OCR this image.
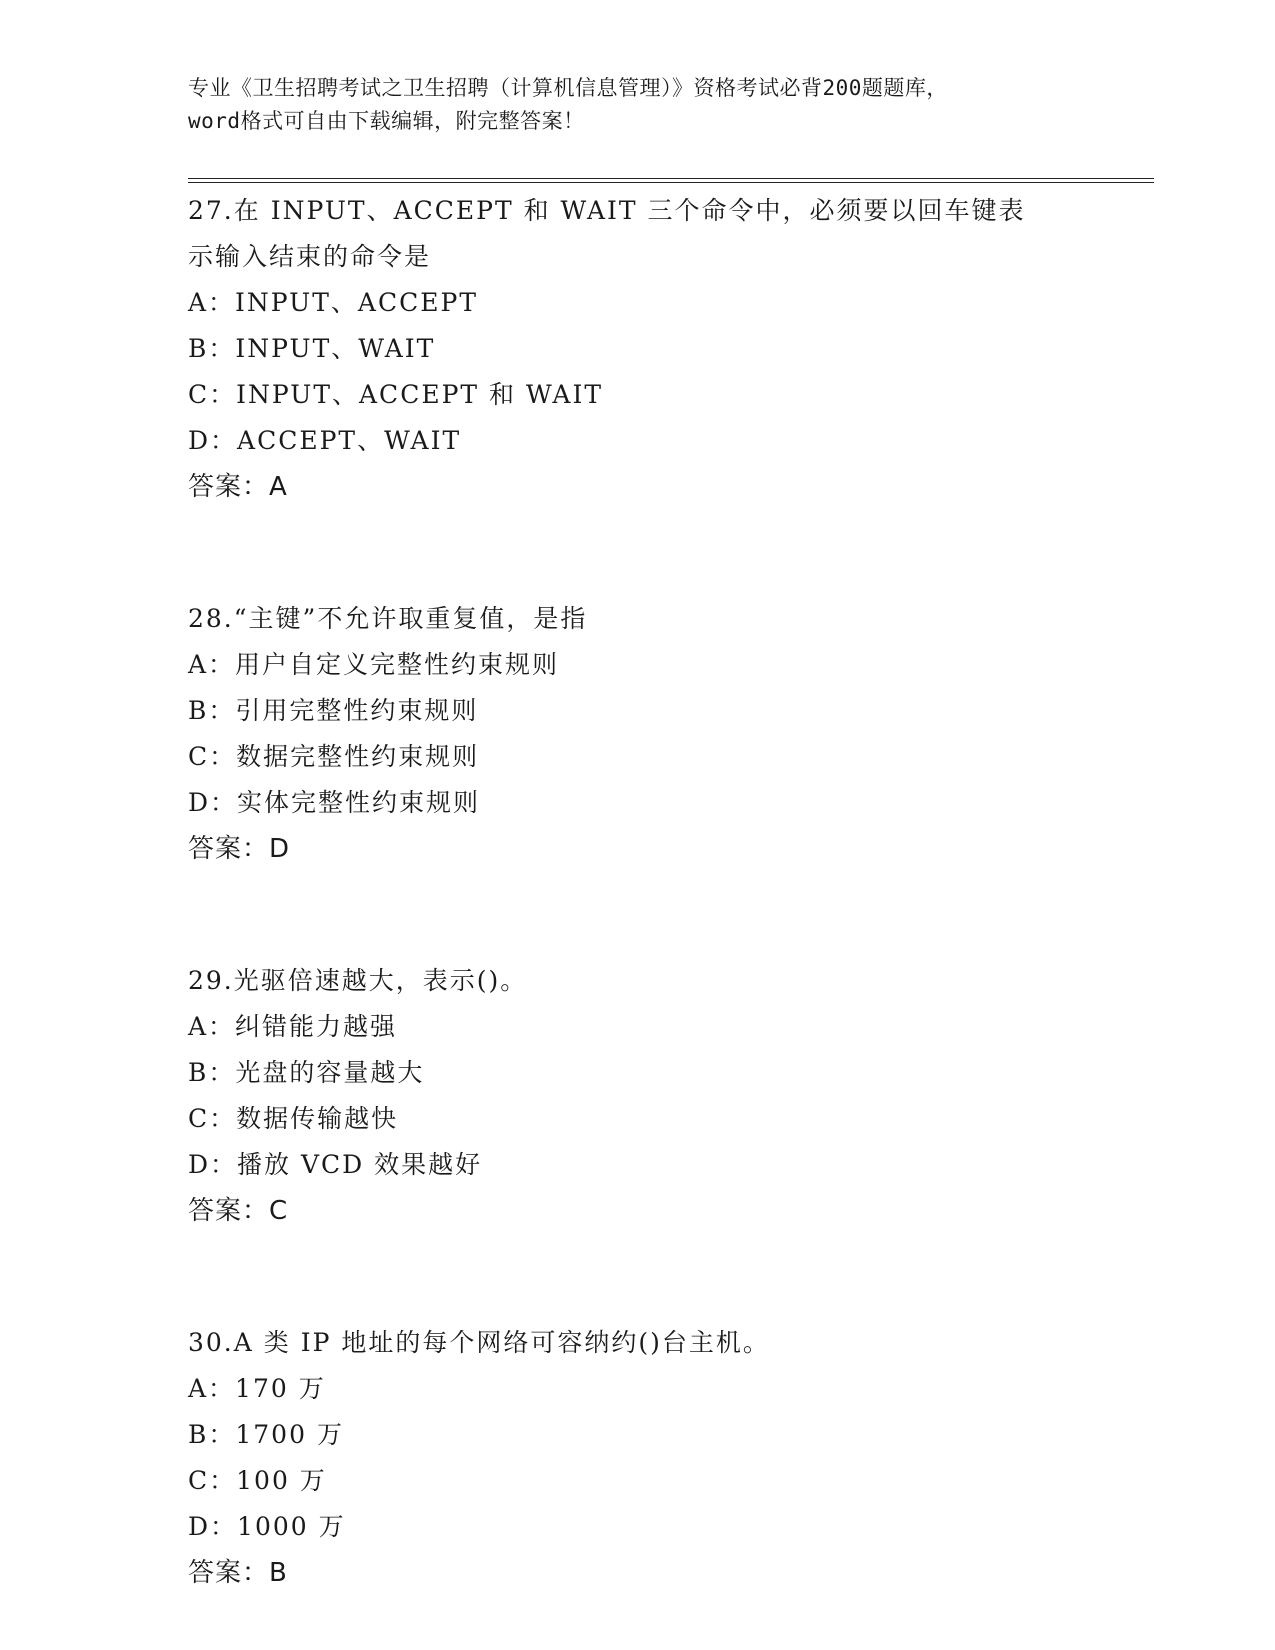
专业《卫生招聘考试之卫生招聘（计算机信息管理）》资格考试必背200题题库，
word格式可自由下载编辑，附完整答案！
27.在 INPUT、ACCEPT 和 WAIT 三个命令中，必须要以回车键表示输入结束的命令是
A：INPUT、ACCEPT
B：INPUT、WAIT
C：INPUT、ACCEPT 和 WAIT
D：ACCEPT、WAIT
答案：A
28.“主键”不允许取重复值，是指
A：用户自定义完整性约束规则
B：引用完整性约束规则
C：数据完整性约束规则
D：实体完整性约束规则
答案：D
29.光驱倍速越大，表示()。
A：纠错能力越强
B：光盘的容量越大
C：数据传输越快
D：播放 VCD 效果越好
答案：C
30.A 类 IP 地址的每个网络可容纳约()台主机。
A：170 万
B：1700 万
C：100 万
D：1000 万
答案：B
